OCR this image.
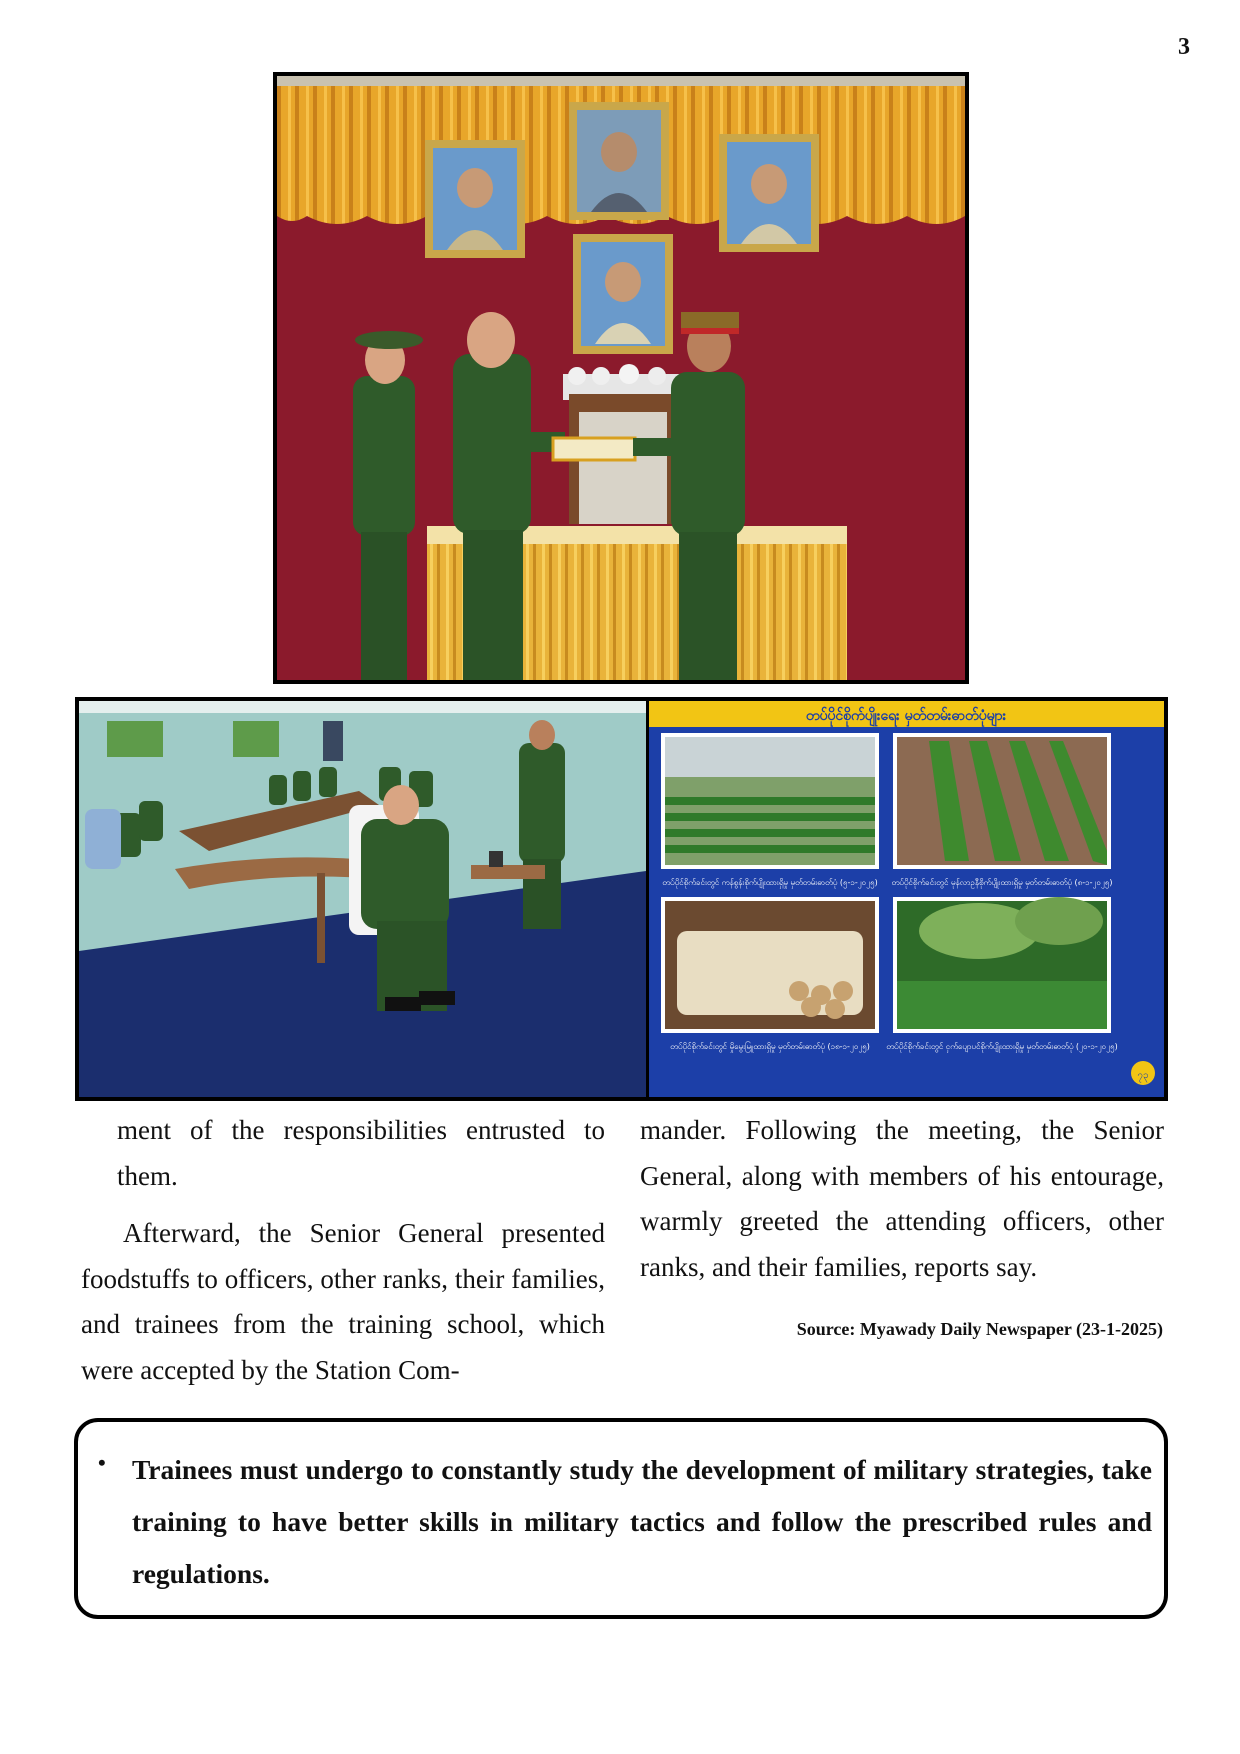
3
တပ်ပိုင်စိုက်ပျိုးရေး မှတ်တမ်းဓာတ်ပုံများ
တပ်ပိုင်စိုက်ခင်းတွင် ကန်စွန်းစိုက်ပျိုးထားရှိမှု မှတ်တမ်းဓာတ်ပုံ (၅-၁-၂၀၂၅) တပ်ပိုင်စိုက်ခင်းတွင် မုန်လာဥနီစိုက်ပျိုးထားရှိမှု မှတ်တမ်းဓာတ်ပုံ (၈-၁-၂၀၂၅)
တပ်ပိုင်စိုက်ခင်းတွင် မှိုမွေးမြူထားရှိမှု မှတ်တမ်းဓာတ်ပုံ (၁၈-၁-၂၀၂၅) တပ်ပိုင်စိုက်ခင်းတွင် ငှက်ပျောပင်စိုက်ပျိုးထားရှိမှု မှတ်တမ်းဓာတ်ပုံ (၂၀-၁-၂၀၂၅)
၇၃

ment of the responsibilities entrusted to them.

Afterward, the Senior General presented foodstuffs to officers, other ranks, their families, and trainees from the training school, which were accepted by the Station Com-

mander. Following the meeting, the Senior General, along with members of his entourage, warmly greeted the attending officers, other ranks, and their families, reports say.

Source: Myawady Daily Newspaper (23-1-2025)
• Trainees must undergo to constantly study the development of military strategies, take training to have better skills in military tactics and follow the prescribed rules and regulations.
